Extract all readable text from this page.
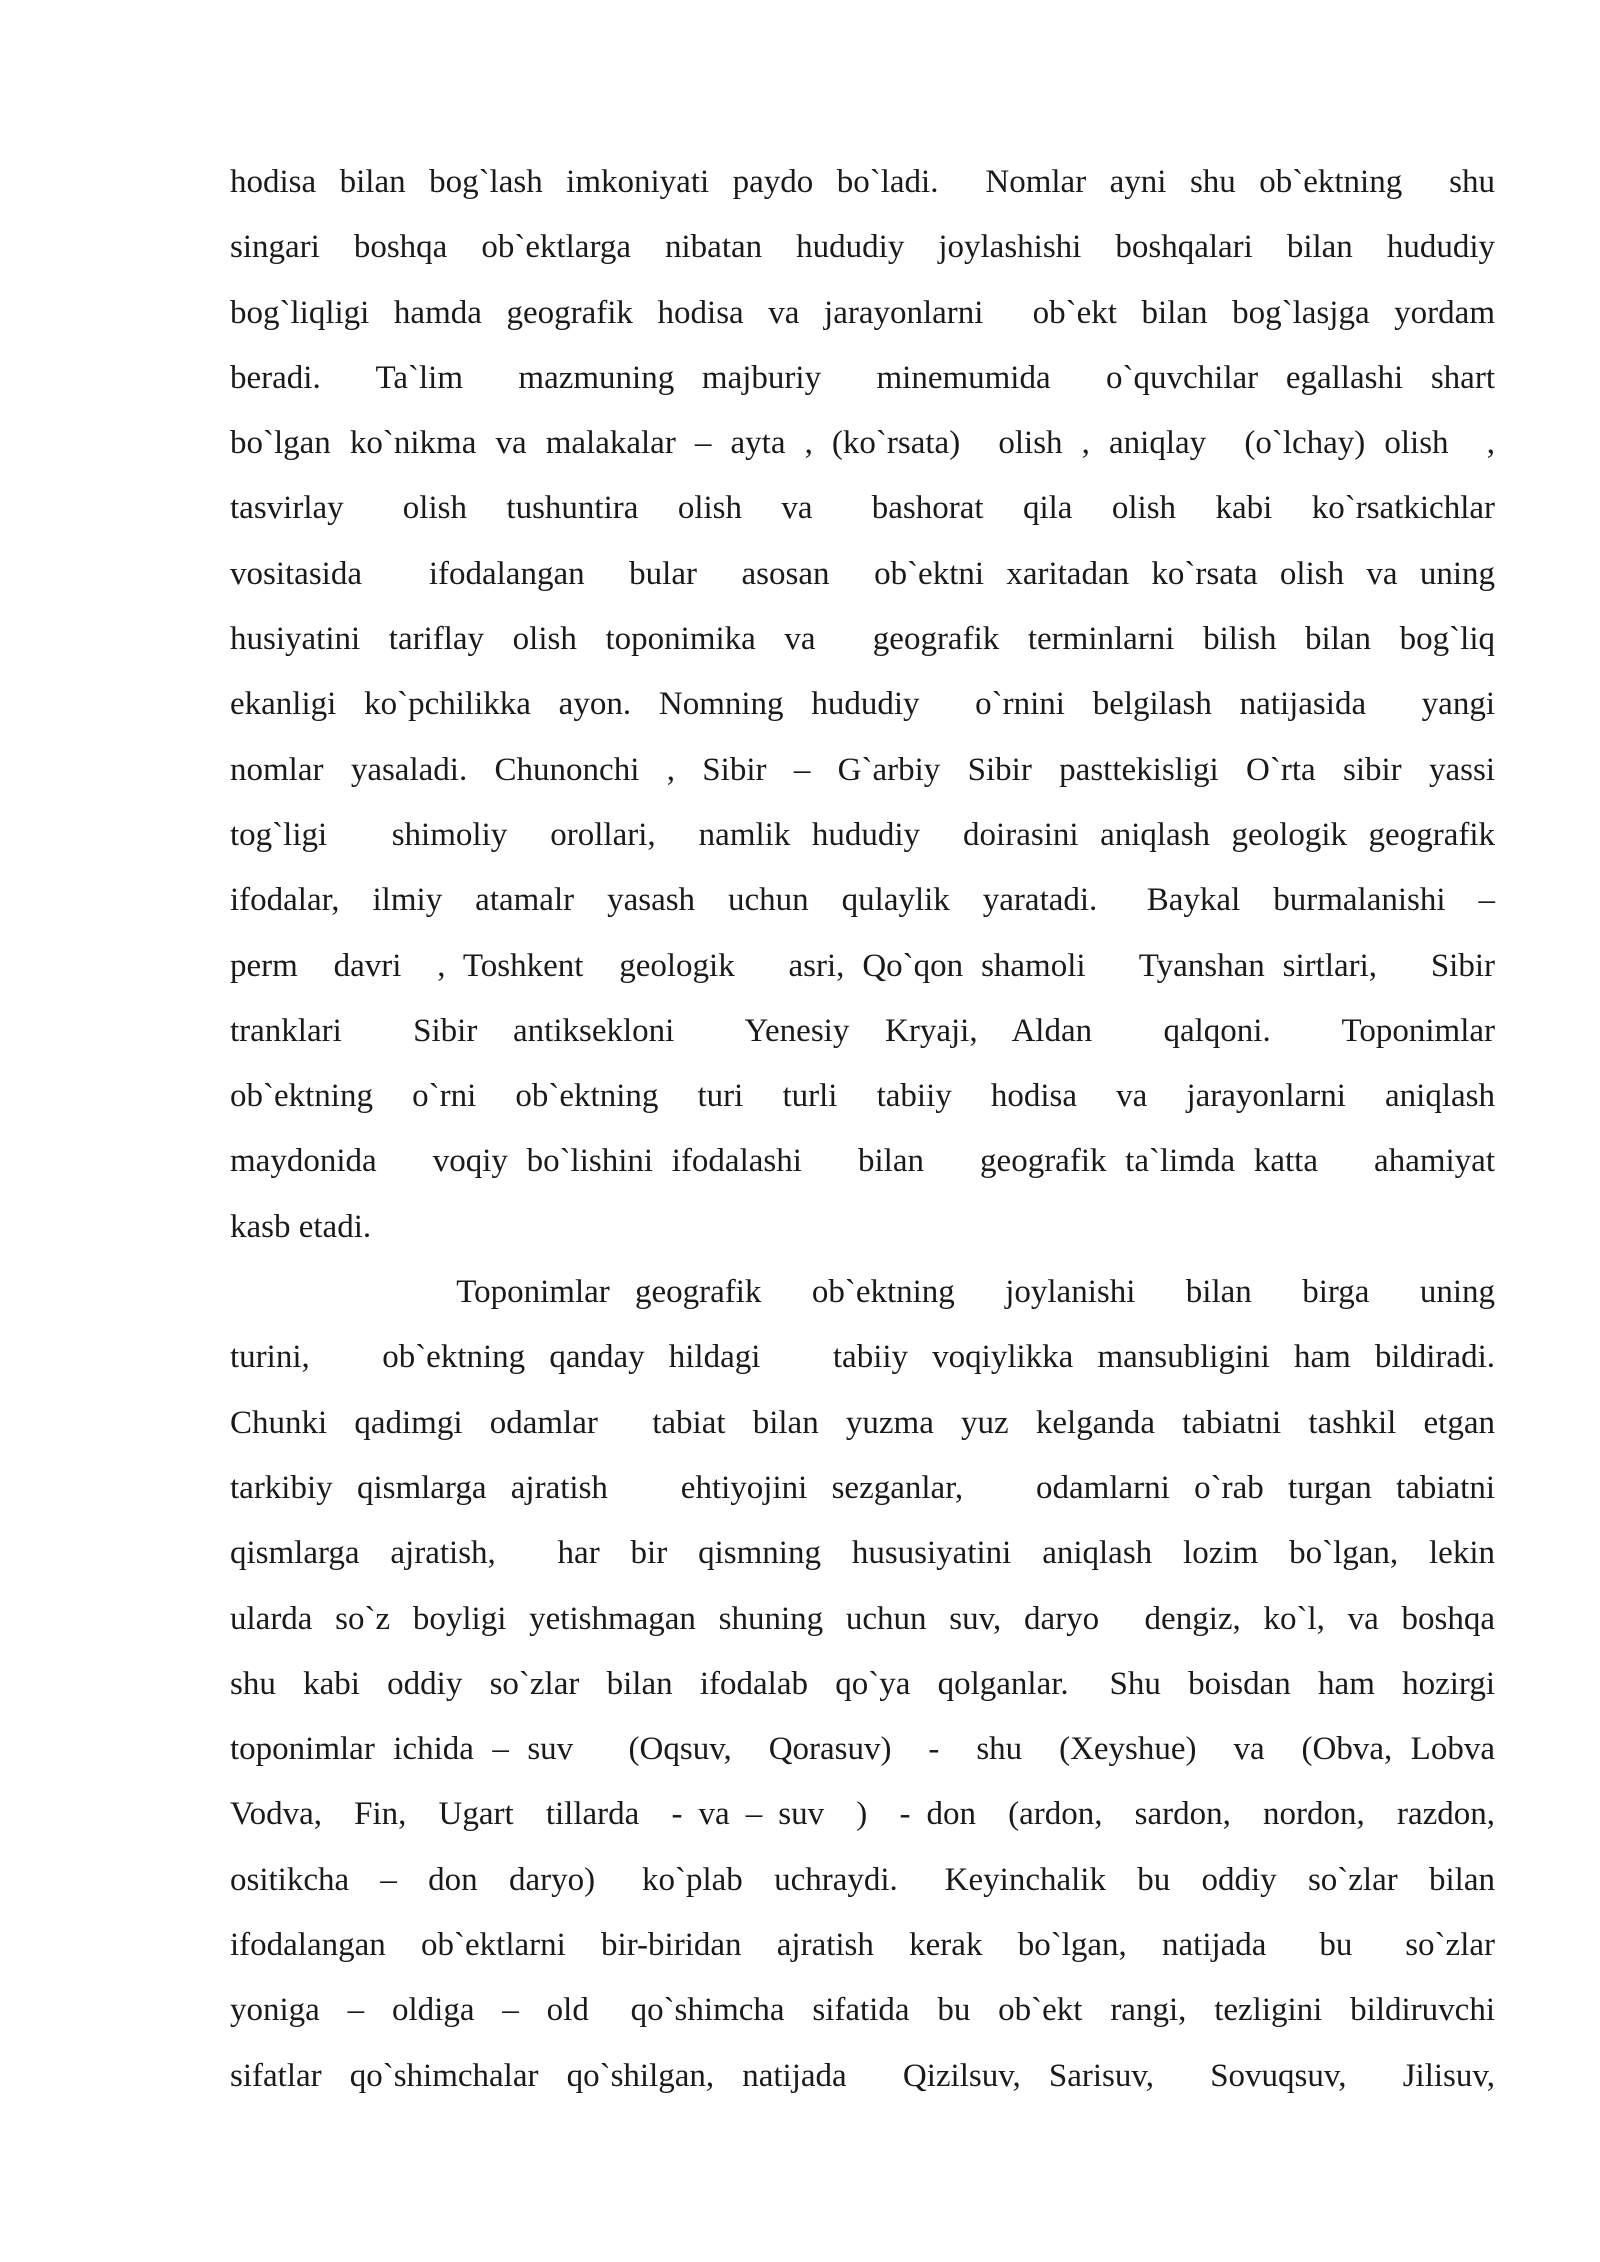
hodisa bilan bog`lash imkoniyati paydo bo`ladi.  Nomlar ayni shu ob`ektning  shu
singari boshqa ob`ektlarga nibatan hududiy joylashishi boshqalari bilan hududiy
bog`liqligi hamda geografik hodisa va jarayonlarni  ob`ekt bilan bog`lasjga yordam
beradi.  Ta`lim  mazmuning majburiy  minemumida  o`quvchilar egallashi shart
bo`lgan ko`nikma va malakalar – ayta , (ko`rsata)  olish , aniqlay  (o`lchay) olish  ,
tasvirlay   olish  tushuntira  olish  va   bashorat  qila  olish  kabi  ko`rsatkichlar
vositasida   ifodalangan  bular  asosan  ob`ektni xaritadan ko`rsata olish va uning
husiyatini tariflay olish toponimika va  geografik terminlarni bilish bilan bog`liq
ekanligi ko`pchilikka ayon. Nomning hududiy  o`rnini belgilash natijasida  yangi
nomlar yasaladi. Chunonchi , Sibir – G`arbiy Sibir pasttekisligi O`rta sibir yassi
tog`ligi   shimoliy  orollari,  namlik hududiy  doirasini aniqlash geologik geografik
ifodalar,  ilmiy  atamalr  yasash  uchun  qulaylik  yaratadi.   Baykal  burmalanishi  –
perm  davri  , Toshkent  geologik   asri, Qo`qon shamoli   Tyanshan sirtlari,   Sibir
tranklari    Sibir  antiksekloni    Yenesiy  Kryaji,  Aldan    qalqoni.    Toponimlar
ob`ektning  o`rni  ob`ektning  turi  turli  tabiiy  hodisa  va  jarayonlarni  aniqlash
maydonida   voqiy bo`lishini ifodalashi   bilan   geografik ta`limda katta   ahamiyat
kasb etadi.
Toponimlar  geografik    ob`ektning    joylanishi    bilan    birga    uning
turini,   ob`ektning qanday hildagi   tabiiy voqiylikka mansubligini ham bildiradi.
Chunki qadimgi odamlar  tabiat bilan yuzma yuz kelganda tabiatni tashkil etgan
tarkibiy qismlarga ajratish   ehtiyojini sezganlar,   odamlarni o`rab turgan tabiatni
qismlarga  ajratish,    har  bir  qismning  hususiyatini  aniqlash  lozim  bo`lgan,  lekin
ularda so`z boyligi yetishmagan shuning uchun suv, daryo  dengiz, ko`l, va boshqa
shu  kabi  oddiy  so`zlar  bilan  ifodalab  qo`ya  qolganlar.   Shu  boisdan  ham  hozirgi
toponimlar ichida – suv   (Oqsuv,  Qorasuv)  -  shu  (Xeyshue)  va  (Obva, Lobva
Vodva,  Fin,  Ugart  tillarda  - va – suv  )  - don  (ardon,  sardon,  nordon,  razdon,
ositikcha  –  don  daryo)   ko`plab  uchraydi.   Keyinchalik  bu  oddiy  so`zlar  bilan
ifodalangan  ob`ektlarni  bir-biridan  ajratish  kerak  bo`lgan,  natijada   bu   so`zlar
yoniga  –  oldiga  –  old   qo`shimcha  sifatida  bu  ob`ekt  rangi,  tezligini  bildiruvchi
sifatlar qo`shimchalar qo`shilgan, natijada  Qizilsuv, Sarisuv,  Sovuqsuv,  Jilisuv,
